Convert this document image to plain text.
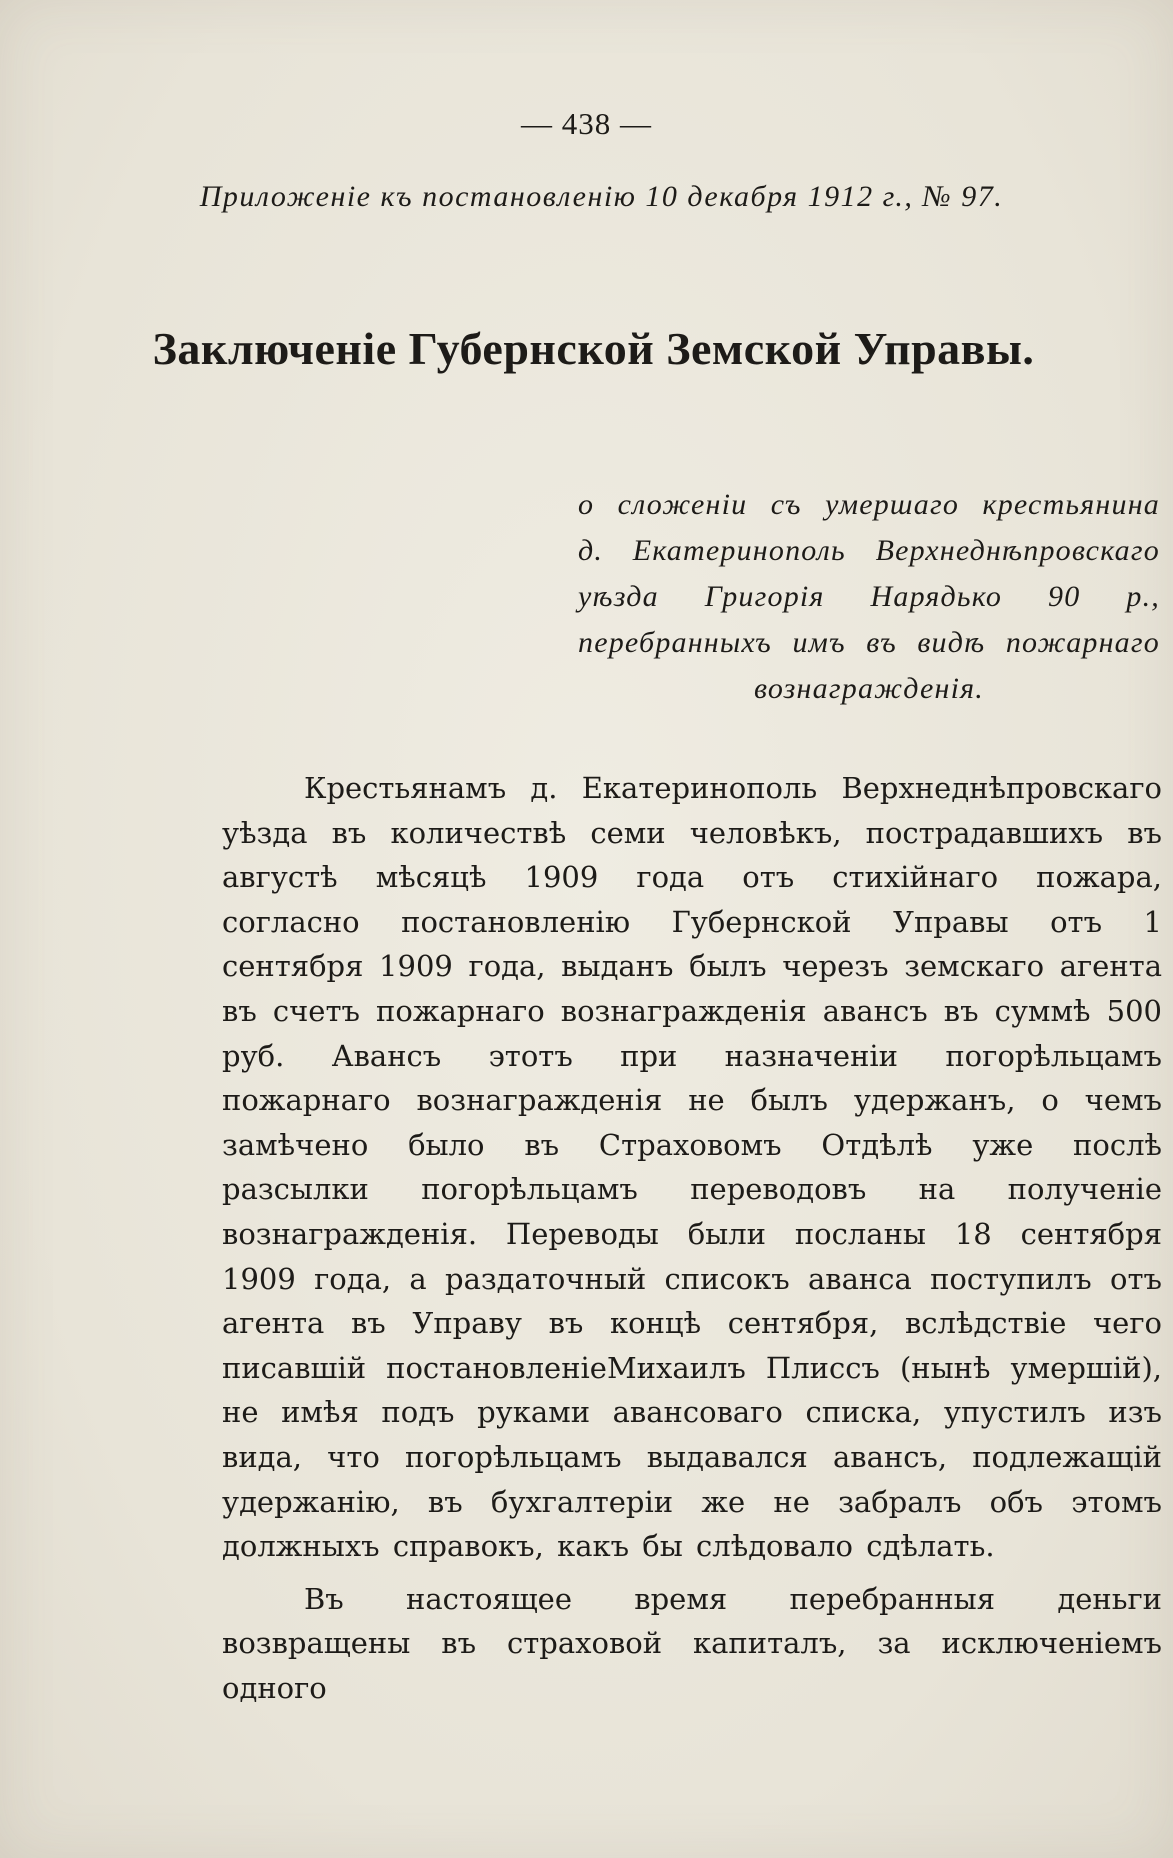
— 438 —
Приложенiе къ постановленiю 10 декабря 1912 г., № 97.
Заключенiе Губернской Земской Управы.
о сложенiи съ умершаго крестьянина д. Екатеринополь Верхнеднѣпровскаго уѣзда Григорiя Нарядько 90 р., перебранныхъ имъ въ видѣ пожарнаго вознагражденiя.

Крестьянамъ д. Екатеринополь Верхнеднѣпровскаго уѣзда въ количествѣ семи человѣкъ, пострадавшихъ въ августѣ мѣсяцѣ 1909 года отъ стихiйнаго пожара, согласно постановленiю Губернской Управы отъ 1 сентября 1909 года, выданъ былъ черезъ земскаго агента въ счетъ пожарнаго вознагражденiя авансъ въ суммѣ 500 руб. Авансъ этотъ при назначенiи погорѣльцамъ пожарнаго вознагражденiя не былъ удержанъ, о чемъ замѣчено было въ Страховомъ Отдѣлѣ уже послѣ разсылки погорѣльцамъ переводовъ на полученiе вознагражденiя. Переводы были посланы 18 сентября 1909 года, а раздаточный списокъ аванса поступилъ отъ агента въ Управу въ концѣ сентября, вслѣдствiе чего писавшiй постановленiеМихаилъ Плиссъ (нынѣ умершiй), не имѣя подъ руками авансоваго списка, упустилъ изъ вида, что погорѣльцамъ выдавался авансъ, подлежащiй удержанiю, въ бухгалтерiи же не забралъ объ этомъ должныхъ справокъ, какъ бы слѣдовало сдѣлать.

Въ настоящее время перебранныя деньги возвращены въ страховой капиталъ, за исключенiемъ одного
